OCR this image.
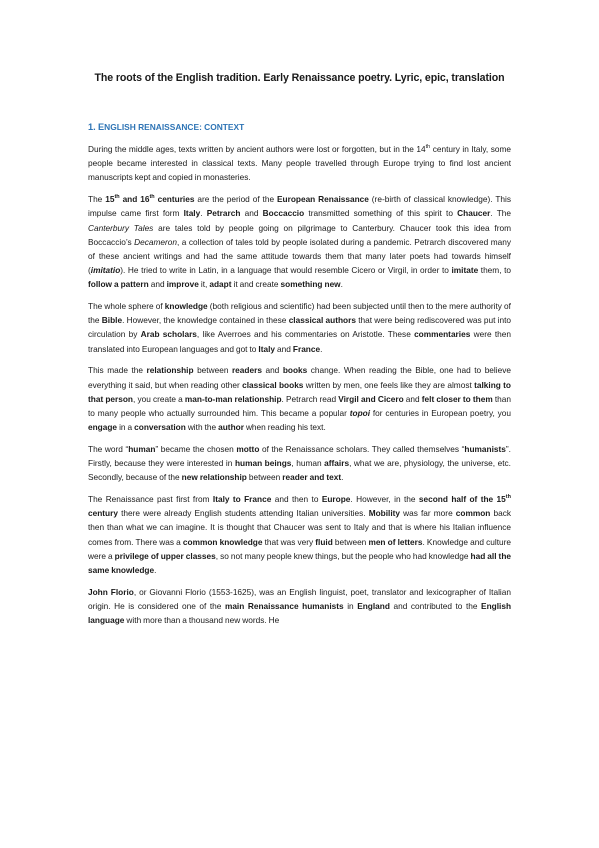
The roots of the English tradition. Early Renaissance poetry. Lyric, epic, translation
1. ENGLISH RENAISSANCE: CONTEXT

During the middle ages, texts written by ancient authors were lost or forgotten, but in the 14th century in Italy, some people became interested in classical texts. Many people travelled through Europe trying to find lost ancient manuscripts kept and copied in monasteries.

The 15th and 16th centuries are the period of the European Renaissance (re-birth of classical knowledge). This impulse came first form Italy. Petrarch and Boccaccio transmitted something of this spirit to Chaucer. The Canterbury Tales are tales told by people going on pilgrimage to Canterbury. Chaucer took this idea from Boccaccio’s Decameron, a collection of tales told by people isolated during a pandemic. Petrarch discovered many of these ancient writings and had the same attitude towards them that many later poets had towards himself (imitatio). He tried to write in Latin, in a language that would resemble Cicero or Virgil, in order to imitate them, to follow a pattern and improve it, adapt it and create something new.

The whole sphere of knowledge (both religious and scientific) had been subjected until then to the mere authority of the Bible. However, the knowledge contained in these classical authors that were being rediscovered was put into circulation by Arab scholars, like Averroes and his commentaries on Aristotle. These commentaries were then translated into European languages and got to Italy and France.

This made the relationship between readers and books change. When reading the Bible, one had to believe everything it said, but when reading other classical books written by men, one feels like they are almost talking to that person, you create a man-to-man relationship. Petrarch read Virgil and Cicero and felt closer to them than to many people who actually surrounded him. This became a popular topoi for centuries in European poetry, you engage in a conversation with the author when reading his text.

The word “human” became the chosen motto of the Renaissance scholars. They called themselves “humanists”. Firstly, because they were interested in human beings, human affairs, what we are, physiology, the universe, etc. Secondly, because of the new relationship between reader and text.

The Renaissance past first from Italy to France and then to Europe. However, in the second half of the 15th century there were already English students attending Italian universities. Mobility was far more common back then than what we can imagine. It is thought that Chaucer was sent to Italy and that is where his Italian influence comes from. There was a common knowledge that was very fluid between men of letters. Knowledge and culture were a privilege of upper classes, so not many people knew things, but the people who had knowledge had all the same knowledge.

John Florio, or Giovanni Florio (1553-1625), was an English linguist, poet, translator and lexicographer of Italian origin. He is considered one of the main Renaissance humanists in England and contributed to the English language with more than a thousand new words. He
